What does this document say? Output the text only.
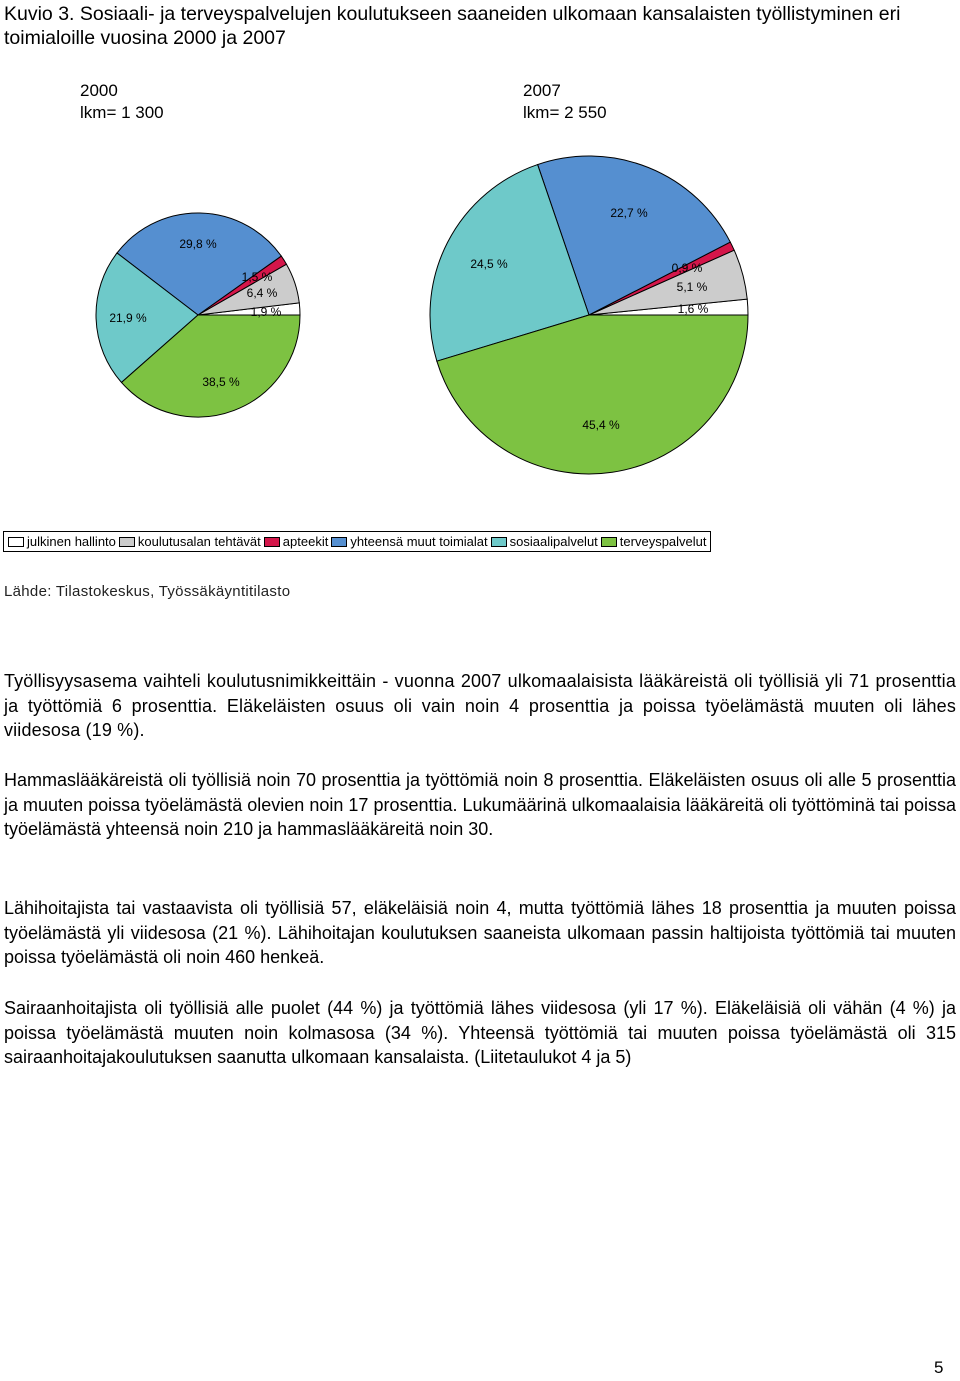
Kuvio 3. Sosiaali- ja terveyspalvelujen koulutukseen saaneiden ulkomaan kansalaisten työllistyminen eri toimialoille vuosina 2000 ja 2007
2000
lkm= 1 300
2007
lkm= 2 550
1,9 %
6,4 %
1,5 %
29,8 %
21,9 %
38,5 %
1,6 %
5,1 %
0,9 %
22,7 %
24,5 %
45,4 %
julkinen hallinto koulutusalan tehtävät apteekit yhteensä muut toimialat sosiaalipalvelut terveyspalvelut
Lähde: Tilastokeskus, Työssäkäyntitilasto

Työllisyysasema vaihteli koulutusnimikkeittäin - vuonna 2007 ulkomaalaisista lääkäreistä oli työllisiä yli 71 prosenttia ja työttömiä 6 prosenttia. Eläkeläisten osuus oli vain noin 4 prosenttia ja poissa työelämästä muuten oli lähes viidesosa (19 %).

Hammaslääkäreistä oli työllisiä noin 70 prosenttia ja työttömiä noin 8 prosenttia. Eläkeläisten osuus oli alle 5 prosenttia ja muuten poissa työelämästä olevien noin 17 prosenttia. Lukumäärinä ulkomaalaisia lääkäreitä oli työttöminä tai poissa työelämästä yhteensä noin 210 ja hammaslääkäreitä noin 30.

Lähihoitajista tai vastaavista oli työllisiä 57, eläkeläisiä noin 4, mutta työttömiä lähes 18 prosenttia ja muuten poissa työelämästä yli viidesosa (21 %). Lähihoitajan koulutuksen saaneista ulkomaan passin haltijoista työttömiä tai muuten poissa työelämästä oli noin 460 henkeä.

Sairaanhoitajista oli työllisiä alle puolet (44 %) ja työttömiä lähes viidesosa (yli 17 %). Eläkeläisiä oli vähän (4 %) ja poissa työelämästä muuten noin kolmasosa (34 %). Yhteensä työttömiä tai muuten poissa työelämästä oli 315 sairaanhoitajakoulutuksen saanutta ulkomaan kansalaista. (Liitetaulukot 4 ja 5)

5
